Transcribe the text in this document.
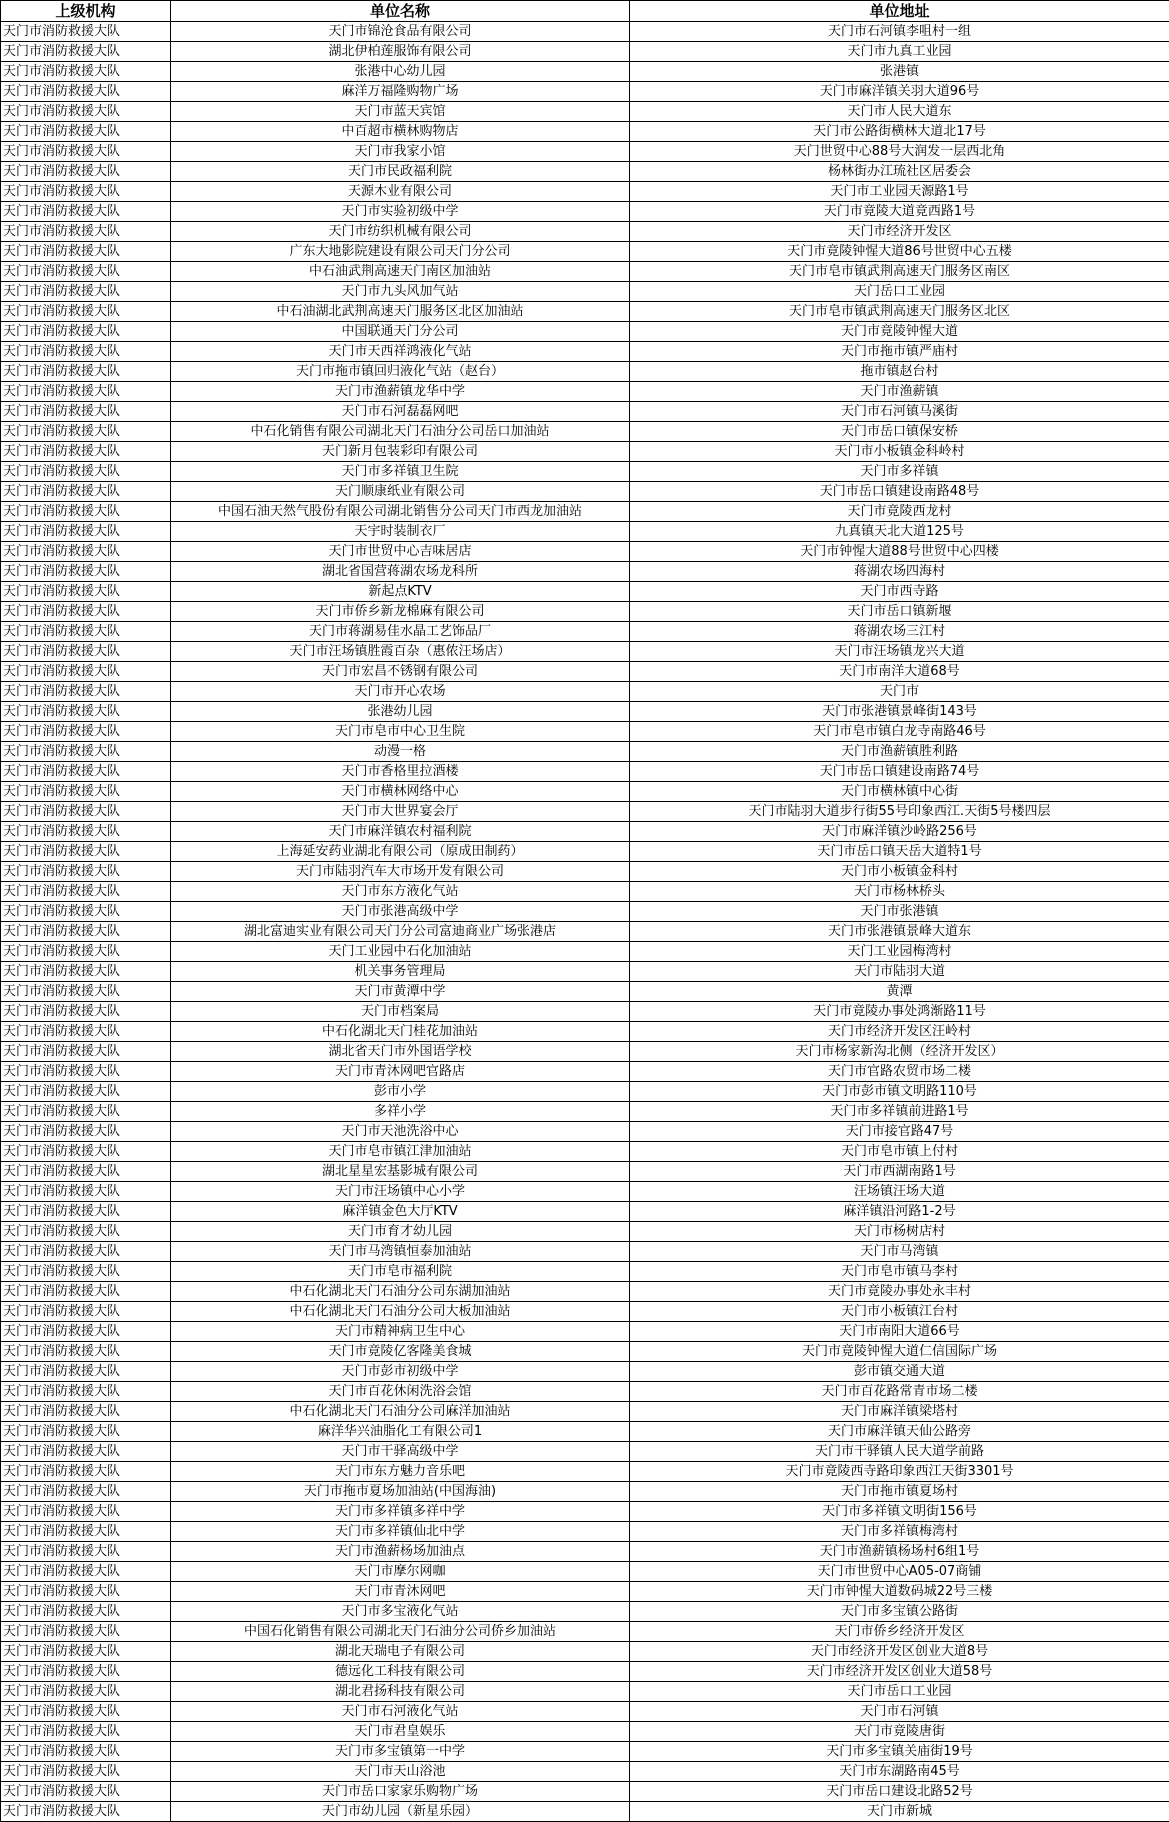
上级机构	单位名称	单位地址
天门市消防救援大队	天门市锦沧食品有限公司	天门市石河镇李咀村一组
天门市消防救援大队	湖北伊柏莲服饰有限公司	天门市九真工业园
天门市消防救援大队	张港中心幼儿园	张港镇
天门市消防救援大队	麻洋万福隆购物广场	天门市麻洋镇关羽大道96号
天门市消防救援大队	天门市蓝天宾馆	天门市人民大道东
天门市消防救援大队	中百超市横林购物店	天门市公路街横林大道北17号
天门市消防救援大队	天门市我家小馆	天门世贸中心88号大润发一层西北角
天门市消防救援大队	天门市民政福利院	杨林街办江琉社区居委会
天门市消防救援大队	天源木业有限公司	天门市工业园天源路1号
天门市消防救援大队	天门市实验初级中学	天门市竟陵大道竟西路1号
天门市消防救援大队	天门市纺织机械有限公司	天门市经济开发区
天门市消防救援大队	广东大地影院建设有限公司天门分公司	天门市竟陵钟惺大道86号世贸中心五楼
天门市消防救援大队	中石油武荆高速天门南区加油站	天门市皂市镇武荆高速天门服务区南区
天门市消防救援大队	天门市九头风加气站	天门岳口工业园
天门市消防救援大队	中石油湖北武荆高速天门服务区北区加油站	天门市皂市镇武荆高速天门服务区北区
天门市消防救援大队	中国联通天门分公司	天门市竟陵钟惺大道
天门市消防救援大队	天门市天西祥鸿液化气站	天门市拖市镇严庙村
天门市消防救援大队	天门市拖市镇回归液化气站（赵台）	拖市镇赵台村
天门市消防救援大队	天门市渔薪镇龙华中学	天门市渔薪镇
天门市消防救援大队	天门市石河磊磊网吧	天门市石河镇马溪街
天门市消防救援大队	中石化销售有限公司湖北天门石油分公司岳口加油站	天门市岳口镇保安桥
天门市消防救援大队	天门新月包装彩印有限公司	天门市小板镇金科岭村
天门市消防救援大队	天门市多祥镇卫生院	天门市多祥镇
天门市消防救援大队	天门顺康纸业有限公司	天门市岳口镇建设南路48号
天门市消防救援大队	中国石油天然气股份有限公司湖北销售分公司天门市西龙加油站	天门市竟陵西龙村
天门市消防救援大队	天宇时装制衣厂	九真镇天北大道125号
天门市消防救援大队	天门市世贸中心吉味居店	天门市钟惺大道88号世贸中心四楼
天门市消防救援大队	湖北省国营蒋湖农场龙科所	蒋湖农场四海村
天门市消防救援大队	新起点KTV	天门市西寺路
天门市消防救援大队	天门市侨乡新龙棉麻有限公司	天门市岳口镇新堰
天门市消防救援大队	天门市蒋湖易佳水晶工艺饰品厂	蒋湖农场三江村
天门市消防救援大队	天门市汪场镇胜霞百杂（惠侬汪场店）	天门市汪场镇龙兴大道
天门市消防救援大队	天门市宏昌不锈钢有限公司	天门市南洋大道68号
天门市消防救援大队	天门市开心农场	天门市
天门市消防救援大队	张港幼儿园	天门市张港镇景峰街143号
天门市消防救援大队	天门市皂市中心卫生院	天门市皂市镇白龙寺南路46号
天门市消防救援大队	动漫一格	天门市渔薪镇胜利路
天门市消防救援大队	天门市香格里拉酒楼	天门市岳口镇建设南路74号
天门市消防救援大队	天门市横林网络中心	天门市横林镇中心街
天门市消防救援大队	天门市大世界宴会厅	天门市陆羽大道步行街55号印象西江.天街5号楼四层
天门市消防救援大队	天门市麻洋镇农村福利院	天门市麻洋镇沙岭路256号
天门市消防救援大队	上海延安药业湖北有限公司（原成田制药）	天门市岳口镇天岳大道特1号
天门市消防救援大队	天门市陆羽汽车大市场开发有限公司	天门市小板镇金科村
天门市消防救援大队	天门市东方液化气站	天门市杨林桥头
天门市消防救援大队	天门市张港高级中学	天门市张港镇
天门市消防救援大队	湖北富迪实业有限公司天门分公司富迪商业广场张港店	天门市张港镇景峰大道东
天门市消防救援大队	天门工业园中石化加油站	天门工业园梅湾村
天门市消防救援大队	机关事务管理局	天门市陆羽大道
天门市消防救援大队	天门市黄潭中学	黄潭
天门市消防救援大队	天门市档案局	天门市竟陵办事处鸿渐路11号
天门市消防救援大队	中石化湖北天门桂花加油站	天门市经济开发区汪岭村
天门市消防救援大队	湖北省天门市外国语学校	天门市杨家新沟北侧（经济开发区）
天门市消防救援大队	天门市青沐网吧官路店	天门市官路农贸市场二楼
天门市消防救援大队	彭市小学	天门市彭市镇文明路110号
天门市消防救援大队	多祥小学	天门市多祥镇前进路1号
天门市消防救援大队	天门市天池洗浴中心	天门市接官路47号
天门市消防救援大队	天门市皂市镇江津加油站	天门市皂市镇上付村
天门市消防救援大队	湖北星星宏基影城有限公司	天门市西湖南路1号
天门市消防救援大队	天门市汪场镇中心小学	汪场镇汪场大道
天门市消防救援大队	麻洋镇金色大厅KTV	麻洋镇沿河路1-2号
天门市消防救援大队	天门市育才幼儿园	天门市杨树店村
天门市消防救援大队	天门市马湾镇恒泰加油站	天门市马湾镇
天门市消防救援大队	天门市皂市福利院	天门市皂市镇马李村
天门市消防救援大队	中石化湖北天门石油分公司东湖加油站	天门市竟陵办事处永丰村
天门市消防救援大队	中石化湖北天门石油分公司大板加油站	天门市小板镇江台村
天门市消防救援大队	天门市精神病卫生中心	天门市南阳大道66号
天门市消防救援大队	天门市竟陵亿客隆美食城	天门市竟陵钟惺大道仁信国际广场
天门市消防救援大队	天门市彭市初级中学	彭市镇交通大道
天门市消防救援大队	天门市百花休闲洗浴会馆	天门市百花路常青市场二楼
天门市消防救援大队	中石化湖北天门石油分公司麻洋加油站	天门市麻洋镇梁塔村
天门市消防救援大队	麻洋华兴油脂化工有限公司1	天门市麻洋镇天仙公路旁
天门市消防救援大队	天门市干驿高级中学	天门市干驿镇人民大道学前路
天门市消防救援大队	天门市东方魅力音乐吧	天门市竟陵西寺路印象西江天街3301号
天门市消防救援大队	天门市拖市夏场加油站(中国海油)	天门市拖市镇夏场村
天门市消防救援大队	天门市多祥镇多祥中学	天门市多祥镇文明街156号
天门市消防救援大队	天门市多祥镇仙北中学	天门市多祥镇梅湾村
天门市消防救援大队	天门市渔薪杨场加油点	天门市渔薪镇杨场村6组1号
天门市消防救援大队	天门市摩尔网咖	天门市世贸中心A05-07商铺
天门市消防救援大队	天门市青沐网吧	天门市钟惺大道数码城22号三楼
天门市消防救援大队	天门市多宝液化气站	天门市多宝镇公路街
天门市消防救援大队	中国石化销售有限公司湖北天门石油分公司侨乡加油站	天门市侨乡经济开发区
天门市消防救援大队	湖北天瑞电子有限公司	天门市经济开发区创业大道8号
天门市消防救援大队	德远化工科技有限公司	天门市经济开发区创业大道58号
天门市消防救援大队	湖北君扬科技有限公司	天门市岳口工业园
天门市消防救援大队	天门市石河液化气站	天门市石河镇
天门市消防救援大队	天门市君皇娱乐	天门市竟陵唐街
天门市消防救援大队	天门市多宝镇第一中学	天门市多宝镇关庙街19号
天门市消防救援大队	天门市天山浴池	天门市东湖路南45号
天门市消防救援大队	天门市岳口家家乐购物广场	天门市岳口建设北路52号
天门市消防救援大队	天门市幼儿园（新星乐园）	天门市新城
